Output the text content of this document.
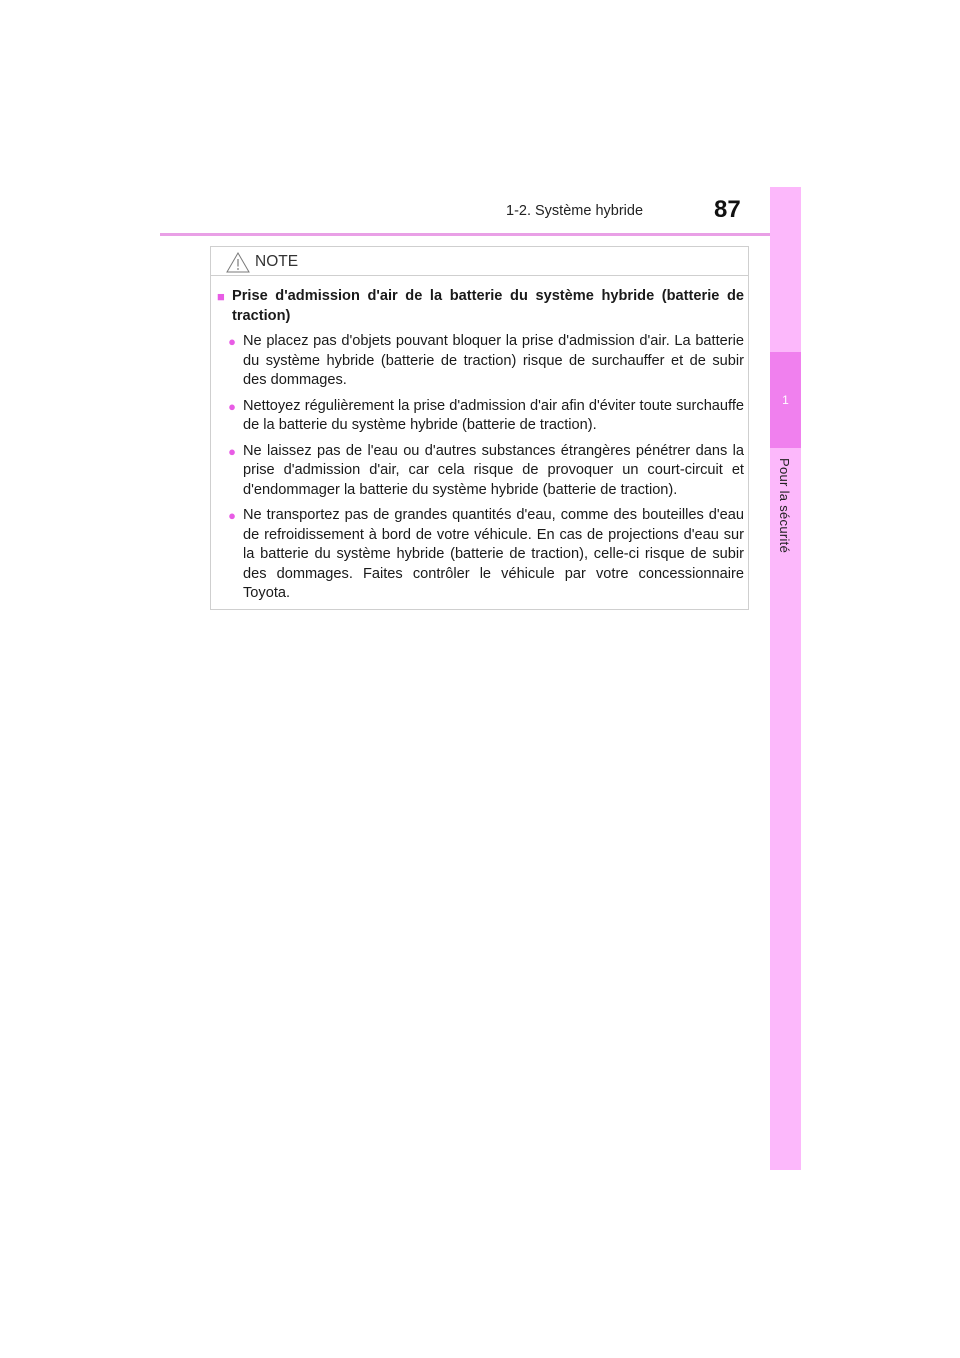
1-2. Système hybride	87
1
Pour la sécurité
NOTE
■ Prise d'admission d'air de la batterie du système hybride (batterie de traction)
● Ne placez pas d'objets pouvant bloquer la prise d'admission d'air. La batterie du système hybride (batterie de traction) risque de surchauffer et de subir des dommages.
● Nettoyez régulièrement la prise d'admission d'air afin d'éviter toute surchauffe de la batterie du système hybride (batterie de traction).
● Ne laissez pas de l'eau ou d'autres substances étrangères pénétrer dans la prise d'admission d'air, car cela risque de provoquer un court-circuit et d'endommager la batterie du système hybride (batterie de traction).
● Ne transportez pas de grandes quantités d'eau, comme des bouteilles d'eau de refroidissement à bord de votre véhicule. En cas de projections d'eau sur la batterie du système hybride (batterie de traction), celle-ci risque de subir des dommages. Faites contrôler le véhicule par votre concessionnaire Toyota.
